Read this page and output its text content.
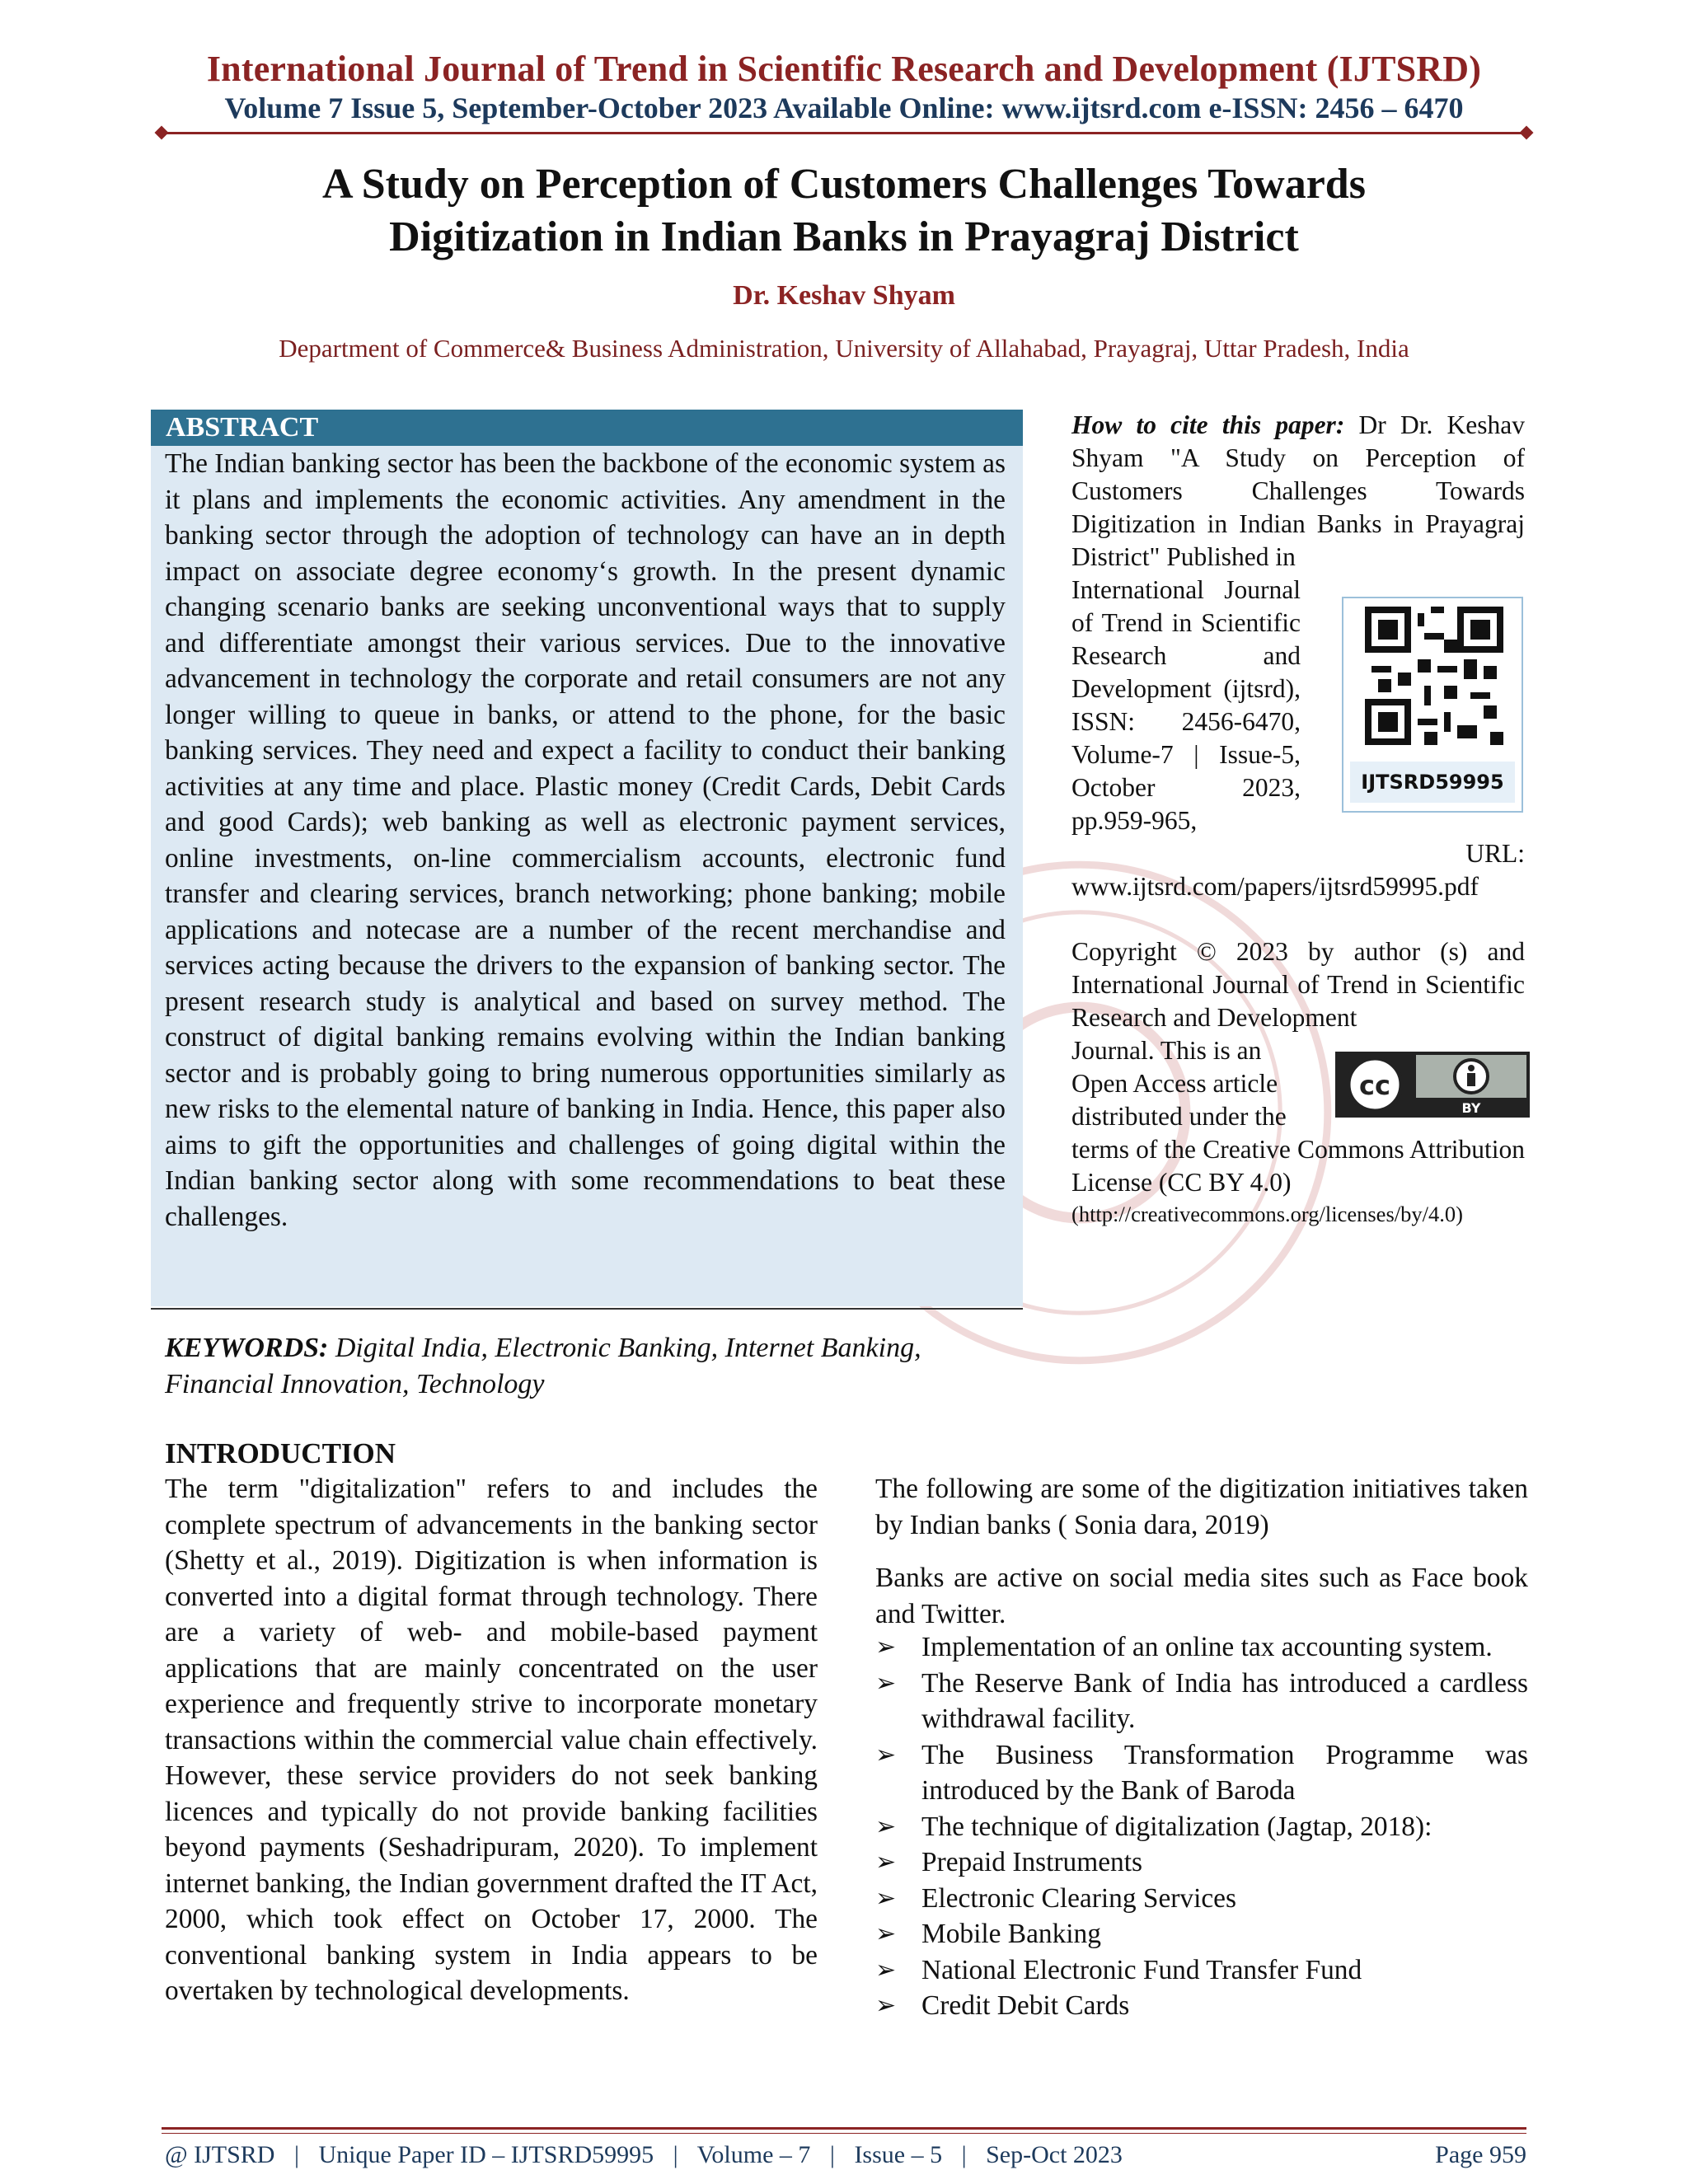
International Journal of Trend in Scientific Research and Development (IJTSRD)
Volume 7 Issue 5, September-October 2023 Available Online: www.ijtsrd.com e-ISSN: 2456 – 6470
A Study on Perception of Customers Challenges Towards
Digitization in Indian Banks in Prayagraj District
Dr. Keshav Shyam
Department of Commerce& Business Administration, University of Allahabad, Prayagraj, Uttar Pradesh, India
ABSTRACT
The Indian banking sector has been the backbone of the economic system as it plans and implements the economic activities. Any amendment in the banking sector through the adoption of technology can have an in depth impact on associate degree economy‘s growth. In the present dynamic changing scenario banks are seeking unconventional ways that to supply and differentiate amongst their various services. Due to the innovative advancement in technology the corporate and retail consumers are not any longer willing to queue in banks, or attend to the phone, for the basic banking services. They need and expect a facility to conduct their banking activities at any time and place. Plastic money (Credit Cards, Debit Cards and good Cards); web banking as well as electronic payment services, online investments, on-line commercialism accounts, electronic fund transfer and clearing services, branch networking; phone banking; mobile applications and notecase are a number of the recent merchandise and services acting because the drivers to the expansion of banking sector. The present research study is analytical and based on survey method. The construct of digital banking remains evolving within the Indian banking sector and is probably going to bring numerous opportunities similarly as new risks to the elemental nature of banking in India. Hence, this paper also aims to gift the opportunities and challenges of going digital within the Indian banking sector along with some recommendations to beat these challenges.
How to cite this paper: Dr Dr. Keshav Shyam "A Study on Perception of Customers Challenges Towards Digitization in Indian Banks in Prayagraj District" Published in
International Journal of Trend in Scientific Research and Development (ijtsrd), ISSN: 2456-6470, Volume-7 | Issue-5, October 2023, pp.959-965,
URL:
www.ijtsrd.com/papers/ijtsrd59995.pdf
IJTSRD59995
Copyright © 2023 by author (s) and International Journal of Trend in Scientific Research and Development
Journal. This is an Open Access article distributed under the
cc
BY
terms of the Creative Commons Attribution License (CC BY 4.0)
(http://creativecommons.org/licenses/by/4.0)
KEYWORDS: Digital India, Electronic Banking, Internet Banking, Financial Innovation, Technology
INTRODUCTION
The term "digitalization" refers to and includes the complete spectrum of advancements in the banking sector (Shetty et al., 2019). Digitization is when information is converted into a digital format through technology. There are a variety of web- and mobile-based payment applications that are mainly concentrated on the user experience and frequently strive to incorporate monetary transactions within the commercial value chain effectively. However, these service providers do not seek banking licences and typically do not provide banking facilities beyond payments (Seshadripuram, 2020). To implement internet banking, the Indian government drafted the IT Act, 2000, which took effect on October 17, 2000. The conventional banking system in India appears to be overtaken by technological developments.
The following are some of the digitization initiatives taken by Indian banks ( Sonia dara, 2019)
Banks are active on social media sites such as Face book and Twitter.
➢ Implementation of an online tax accounting system.
➢ The Reserve Bank of India has introduced a cardless withdrawal facility.
➢ The Business Transformation Programme was introduced by the Bank of Baroda
➢ The technique of digitalization (Jagtap, 2018):
➢ Prepaid Instruments
➢ Electronic Clearing Services
➢ Mobile Banking
➢ National Electronic Fund Transfer Fund
➢ Credit Debit Cards
@ IJTSRD | Unique Paper ID – IJTSRD59995 | Volume – 7 | Issue – 5 | Sep-Oct 2023	Page 959
